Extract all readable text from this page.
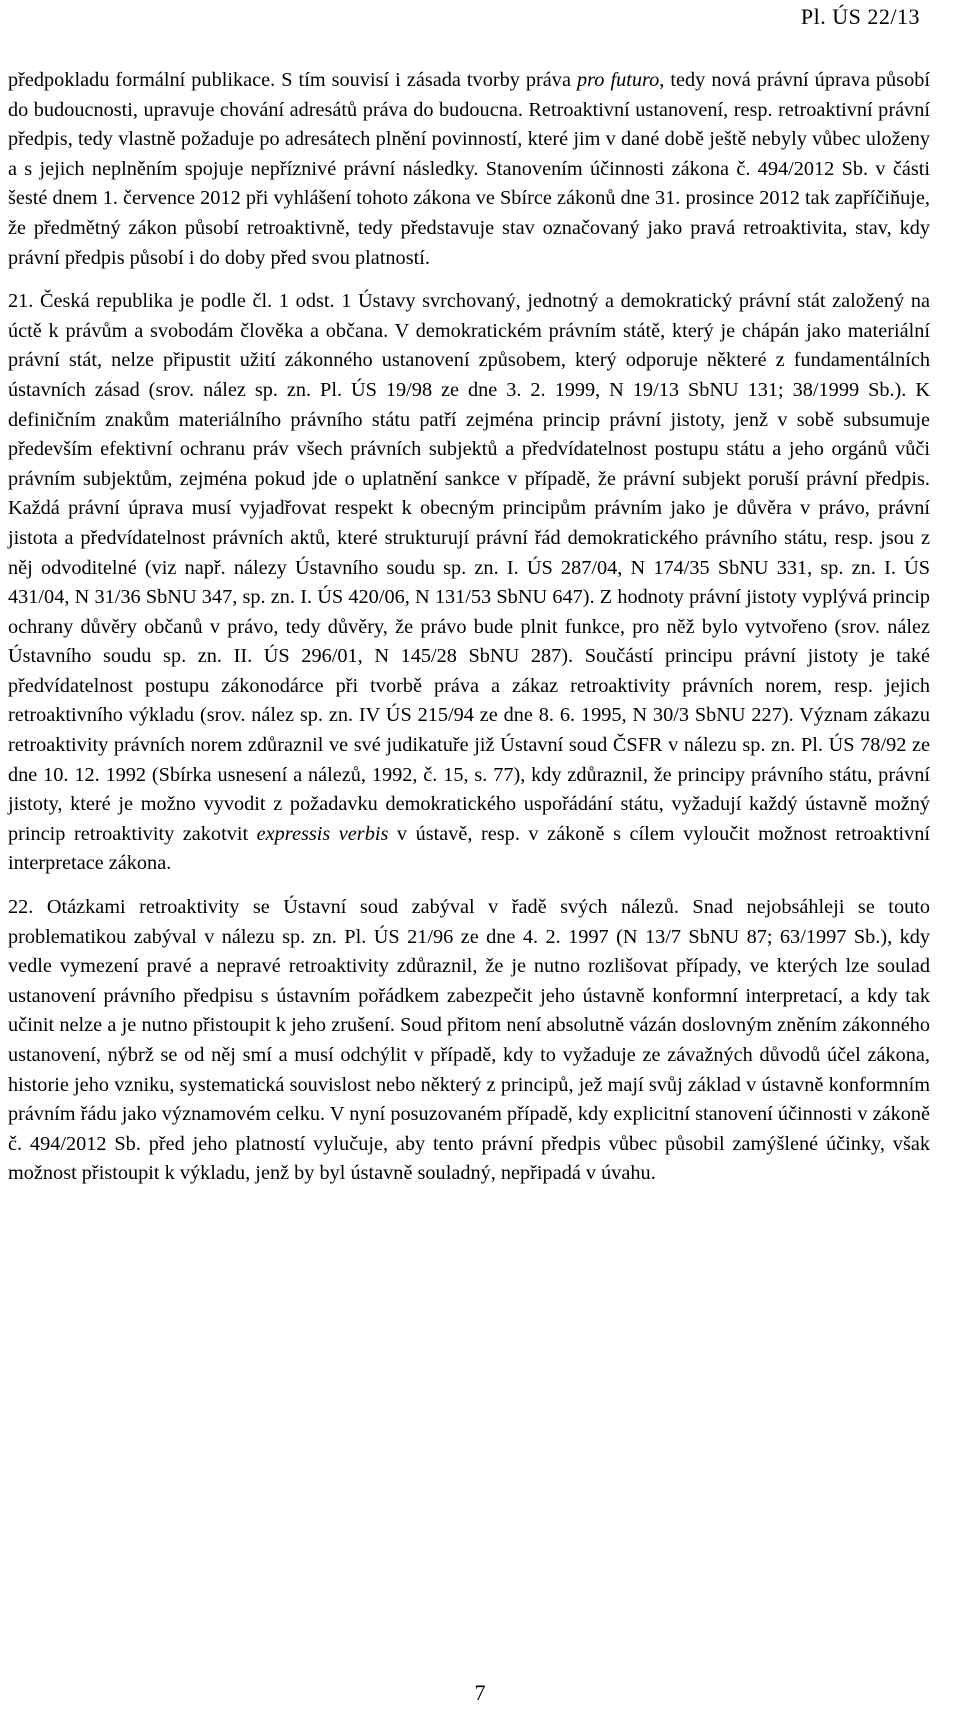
Pl. ÚS 22/13

předpokladu formální publikace. S tím souvisí i zásada tvorby práva pro futuro, tedy nová právní úprava působí do budoucnosti, upravuje chování adresátů práva do budoucna. Retroaktivní ustanovení, resp. retroaktivní právní předpis, tedy vlastně požaduje po adresátech plnění povinností, které jim v dané době ještě nebyly vůbec uloženy a s jejich neplněním spojuje nepříznivé právní následky. Stanovením účinnosti zákona č. 494/2012 Sb. v části šesté dnem 1. července 2012 při vyhlášení tohoto zákona ve Sbírce zákonů dne 31. prosince 2012 tak zapříčiňuje, že předmětný zákon působí retroaktivně, tedy představuje stav označovaný jako pravá retroaktivita, stav, kdy právní předpis působí i do doby před svou platností.

21. Česká republika je podle čl. 1 odst. 1 Ústavy svrchovaný, jednotný a demokratický právní stát založený na úctě k právům a svobodám člověka a občana. V demokratickém právním státě, který je chápán jako materiální právní stát, nelze připustit užití zákonného ustanovení způsobem, který odporuje některé z fundamentálních ústavních zásad (srov. nález sp. zn. Pl. ÚS 19/98 ze dne 3. 2. 1999, N 19/13 SbNU 131; 38/1999 Sb.). K definičním znakům materiálního právního státu patří zejména princip právní jistoty, jenž v sobě subsumuje především efektivní ochranu práv všech právních subjektů a předvídatelnost postupu státu a jeho orgánů vůči právním subjektům, zejména pokud jde o uplatnění sankce v případě, že právní subjekt poruší právní předpis. Každá právní úprava musí vyjadřovat respekt k obecným principům právním jako je důvěra v právo, právní jistota a předvídatelnost právních aktů, které strukturují právní řád demokratického právního státu, resp. jsou z něj odvoditelné (viz např. nálezy Ústavního soudu sp. zn. I. ÚS 287/04, N 174/35 SbNU 331, sp. zn. I. ÚS 431/04, N 31/36 SbNU 347, sp. zn. I. ÚS 420/06, N 131/53 SbNU 647). Z hodnoty právní jistoty vyplývá princip ochrany důvěry občanů v právo, tedy důvěry, že právo bude plnit funkce, pro něž bylo vytvořeno (srov. nález Ústavního soudu sp. zn. II. ÚS 296/01, N 145/28 SbNU 287). Součástí principu právní jistoty je také předvídatelnost postupu zákonodárce při tvorbě práva a zákaz retroaktivity právních norem, resp. jejich retroaktivního výkladu (srov. nález sp. zn. IV ÚS 215/94 ze dne 8. 6. 1995, N 30/3 SbNU 227). Význam zákazu retroaktivity právních norem zdůraznil ve své judikatuře již Ústavní soud ČSFR v nálezu sp. zn. Pl. ÚS 78/92 ze dne 10. 12. 1992 (Sbírka usnesení a nálezů, 1992, č. 15, s. 77), kdy zdůraznil, že principy právního státu, právní jistoty, které je možno vyvodit z požadavku demokratického uspořádání státu, vyžadují každý ústavně možný princip retroaktivity zakotvit expressis verbis v ústavě, resp. v zákoně s cílem vyloučit možnost retroaktivní interpretace zákona.

22. Otázkami retroaktivity se Ústavní soud zabýval v řadě svých nálezů. Snad nejobsáhleji se touto problematikou zabýval v nálezu sp. zn. Pl. ÚS 21/96 ze dne 4. 2. 1997 (N 13/7 SbNU 87; 63/1997 Sb.), kdy vedle vymezení pravé a nepravé retroaktivity zdůraznil, že je nutno rozlišovat případy, ve kterých lze soulad ustanovení právního předpisu s ústavním pořádkem zabezpečit jeho ústavně konformní interpretací, a kdy tak učinit nelze a je nutno přistoupit k jeho zrušení. Soud přitom není absolutně vázán doslovným zněním zákonného ustanovení, nýbrž se od něj smí a musí odchýlit v případě, kdy to vyžaduje ze závažných důvodů účel zákona, historie jeho vzniku, systematická souvislost nebo některý z principů, jež mají svůj základ v ústavně konformním právním řádu jako významovém celku. V nyní posuzovaném případě, kdy explicitní stanovení účinnosti v zákoně č. 494/2012 Sb. před jeho platností vylučuje, aby tento právní předpis vůbec působil zamýšlené účinky, však možnost přistoupit k výkladu, jenž by byl ústavně souladný, nepřipadá v úvahu.

7
